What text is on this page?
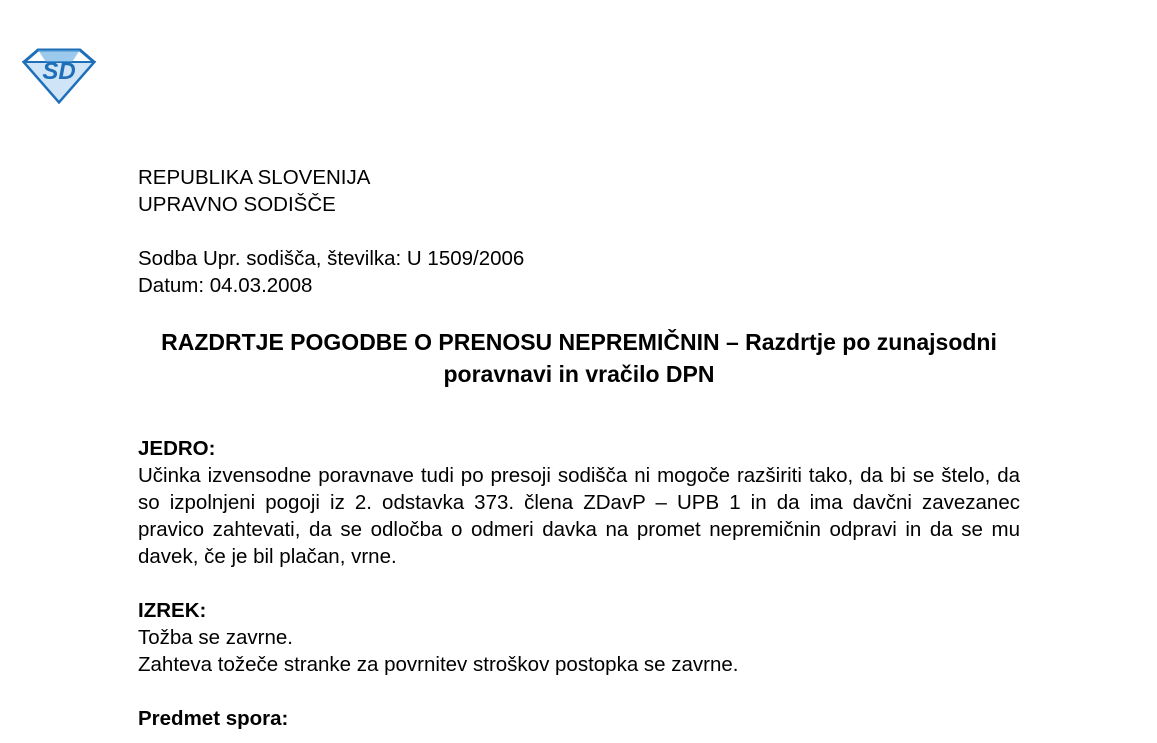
SD

REPUBLIKA SLOVENIJA

UPRAVNO SODIŠČE

Sodba Upr. sodišča, številka: U 1509/2006

Datum: 04.03.2008

RAZDRTJE POGODBE O PRENOSU NEPREMIČNIN – Razdrtje po zunajsodni poravnavi in vračilo DPN

JEDRO:

Učinka izvensodne poravnave tudi po presoji sodišča ni mogoče razširiti tako, da bi se štelo, da so izpolnjeni pogoji iz 2. odstavka 373. člena ZDavP – UPB 1 in da ima davčni zavezanec pravico zahtevati, da se odločba o odmeri davka na promet nepremičnin odpravi in da se mu davek, če je bil plačan, vrne.

IZREK:

Tožba se zavrne.

Zahteva tožeče stranke za povrnitev stroškov postopka se zavrne.

Predmet spora:
